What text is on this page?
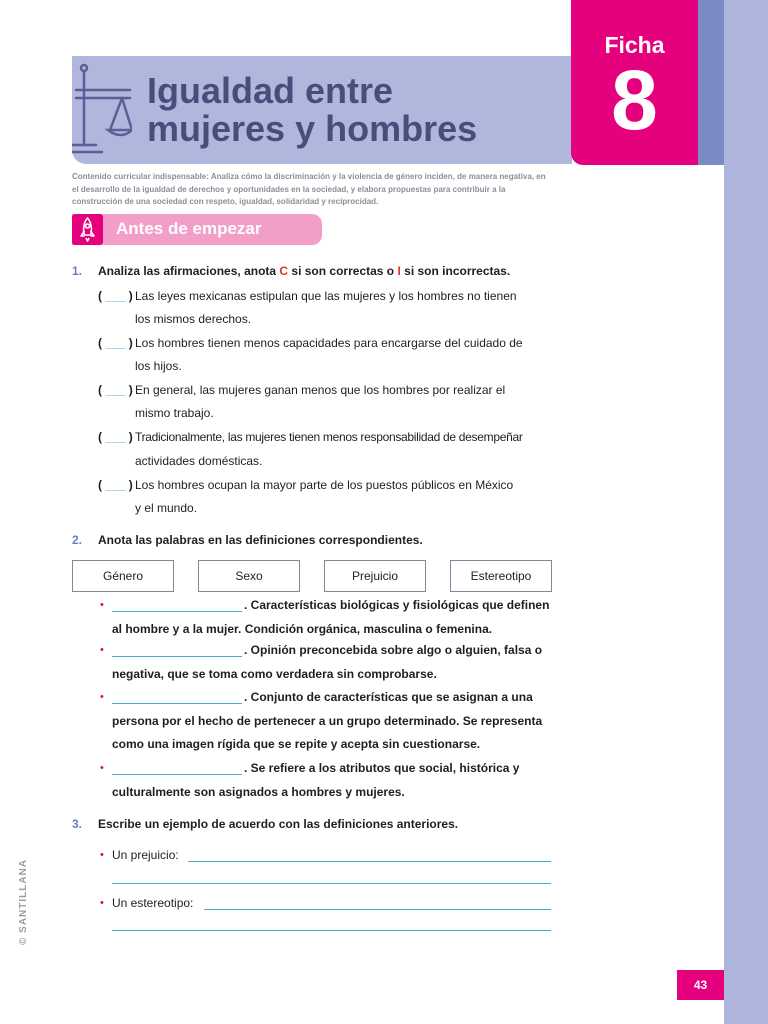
Igualdad entre
mujeres y hombres
Ficha
8
Contenido curricular indispensable: Analiza cómo la discriminación y la violencia de género inciden, de manera negativa, en el desarrollo de la igualdad de derechos y oportunidades en la sociedad, y elabora propuestas para contribuir a la construcción de una sociedad con respeto, igualdad, solidaridad y reciprocidad.
Antes de empezar
1. Analiza las afirmaciones, anota C si son correctas o I si son incorrectas.
( ___ ) Las leyes mexicanas estipulan que las mujeres y los hombres no tienen
los mismos derechos.
( ___ ) Los hombres tienen menos capacidades para encargarse del cuidado de
los hijos.
( ___ ) En general, las mujeres ganan menos que los hombres por realizar el
mismo trabajo.
( ___ ) Tradicionalmente, las mujeres tienen menos responsabilidad de desempeñar
actividades domésticas.
( ___ ) Los hombres ocupan la mayor parte de los puestos públicos en México
y el mundo.
2. Anota las palabras en las definiciones correspondientes.
Género	Sexo	Prejuicio	Estereotipo
•	. Características biológicas y fisiológicas que definen
al hombre y a la mujer. Condición orgánica, masculina o femenina.
•	. Opinión preconcebida sobre algo o alguien, falsa o
negativa, que se toma como verdadera sin comprobarse.
•	. Conjunto de características que se asignan a una
persona por el hecho de pertenecer a un grupo determinado. Se representa
como una imagen rígida que se repite y acepta sin cuestionarse.
•	. Se refiere a los atributos que social, histórica y
culturalmente son asignados a hombres y mujeres.
3. Escribe un ejemplo de acuerdo con las definiciones anteriores.
• Un prejuicio:
• Un estereotipo:
© SANTILLANA
43
